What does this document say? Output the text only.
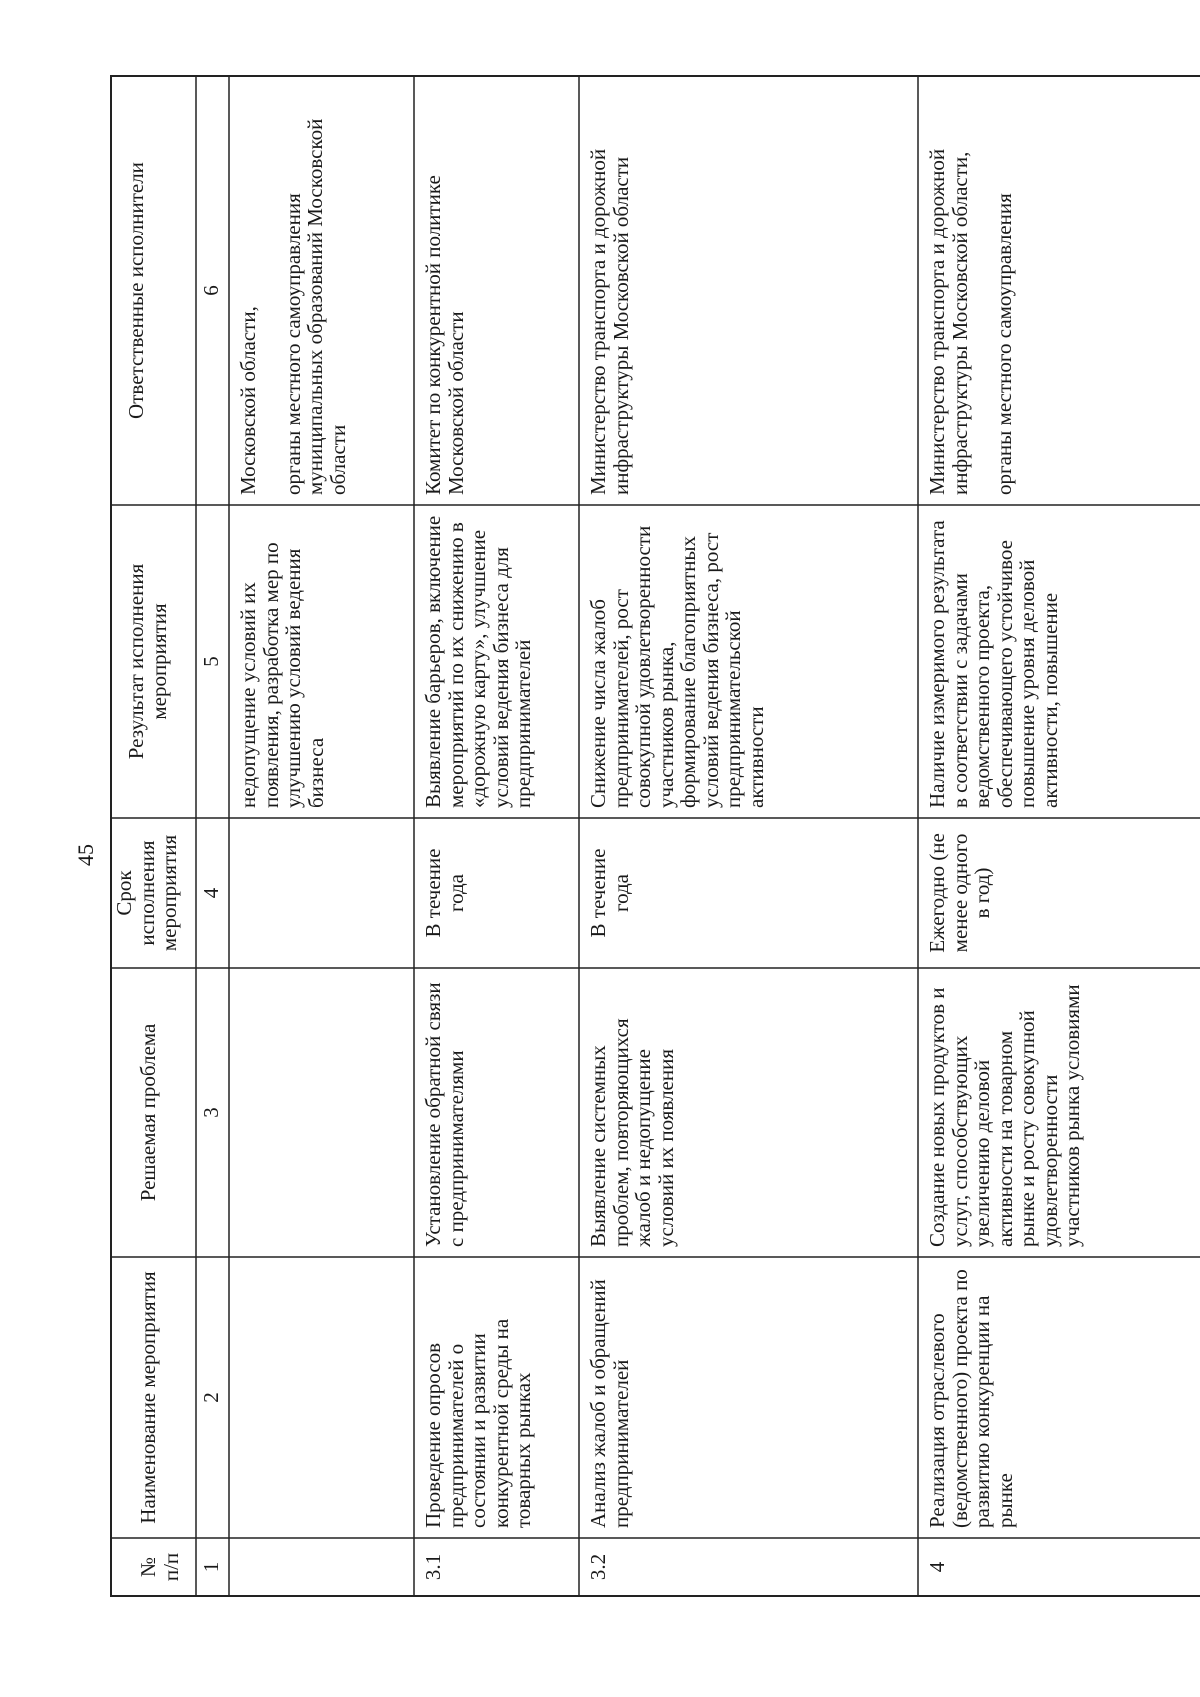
45
№ п/п
Наименование мероприятия
Решаемая проблема
Срок исполнения мероприятия
Результат исполнения мероприятия
Ответственные исполнители
1
2
3
4
5
6
недопущение условий их появления, разработка мер по улучшению условий ведения бизнеса

Московской области, органы местного самоуправления муниципальных образований Московской области

3.1
Проведение опросов предпринимателей о состоянии и развитии конкурентной среды на товарных рынках
Установление обратной связи с предпринимателями
В течение года
Выявление барьеров, включение мероприятий по их снижению в «дорожную карту», улучшение условий ведения бизнеса для предпринимателей

Комитет по конкурентной политике Московской области

3.2
Анализ жалоб и обращений предпринимателей
Выявление системных проблем, повторяющихся жалоб и недопущение условий их появления
В течение года
Снижение числа жалоб предпринимателей, рост совокупной удовлетворенности участников рынка, формирование благоприятных условий ведения бизнеса, рост предпринимательской активности

Министерство транспорта и дорожной инфраструктуры Московской области

4
Реализация отраслевого (ведомственного) проекта по развитию конкуренции на рынке
Создание новых продуктов и услуг, способствующих увеличению деловой активности на товарном рынке и росту совокупной удовлетворенности участников рынка условиями
Ежегодно (не менее одного в год)
Наличие измеримого результата в соответствии с задачами ведомственного проекта, обеспечивающего устойчивое повышение уровня деловой активности, повышение

Министерство транспорта и дорожной инфраструктуры Московской области, органы местного самоуправления
